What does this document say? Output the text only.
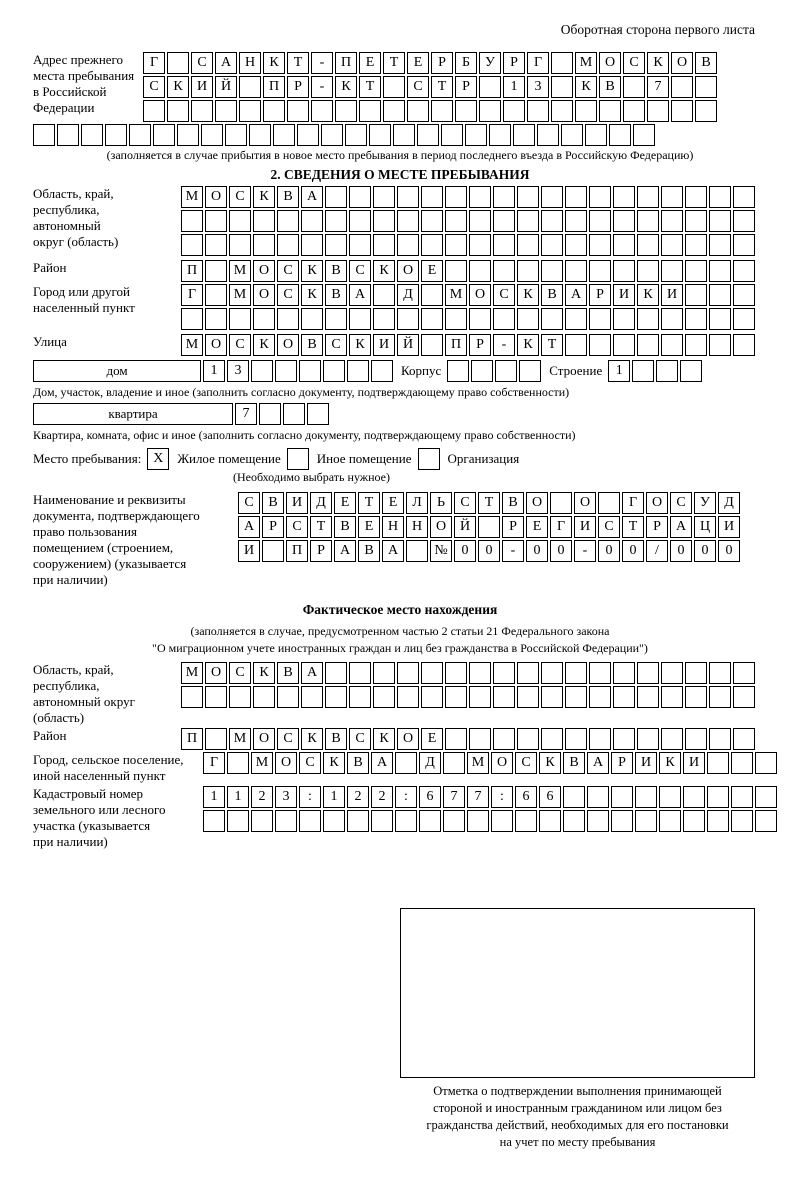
Оборотная сторона первого листа
Адрес прежнего
места пребывания
в Российской
Федерации
Г	С	А Н	К	Т	-	П	Е	Т	Е	Р	Б	У	Р	Г	М О	С	К	О	В
С	К	И Й	П	Р	-	К	Т	С	Т	Р	1	3	К	В	7
(заполняется в случае прибытия в новое место пребывания в период последнего въезда в Российскую Федерацию)
2. СВЕДЕНИЯ О МЕСТЕ ПРЕБЫВАНИЯ
Область, край,
республика,
автономный
округ (область)
М О	С	К	В	А
Район	П	М О	С	К	В	С	К	О	Е
Город или другой
населенный пункт
Г	М О	С	К	В	А	Д	М О	С	К	В	А	Р	И	К	И
Улица	М О	С	К	О	В	С	К	И Й	П	Р	-	К	Т
дом	1	3	Корпус	Строение 1
Дом, участок, владение и иное (заполнить согласно документу, подтверждающему право собственности)
квартира	7
Квартира, комната, офис и иное (заполнить согласно документу, подтверждающему право собственности)
Место пребывания: Х	Жилое помещение	Иное помещение	Организация
(Необходимо выбрать нужное)
Наименование и реквизиты
документа, подтверждающего
право пользования
помещением (строением,
сооружением) (указывается
при наличии)
С	В	И	Д	Е	Т	Е	Л	Ь	С	Т	В	О	О	Г	О	С	У	Д
А	Р	С	Т	В	Е	Н Н О Й	Р	Е	Г	И	С	Т	Р	А Ц И
И	П	Р	А	В	А	№ 0	0	-	0	0	-	0	0	/	0	0	0
Фактическое место нахождения
(заполняется в случае, предусмотренном частью 2 статьи 21 Федерального закона
"О миграционном учете иностранных граждан и лиц без гражданства в Российской Федерации")
Область, край,
республика,
автономный округ
(область)
М О	С	К	В	А
Район	П	М О	С	К	В	С	К	О	Е
Город, сельское поселение,
иной населенный пункт
Г	М О	С	К	В	А	Д	М О	С	К	В	А	Р	И	К	И
Кадастровый номер
земельного или лесного
участка (указывается
при наличии)
1	1	2	3	:	1	2	2	:	6	7	7	:	6	6
Отметка о подтверждении выполнения принимающей
стороной и иностранным гражданином или лицом без
гражданства действий, необходимых для его постановки
на учет по месту пребывания
